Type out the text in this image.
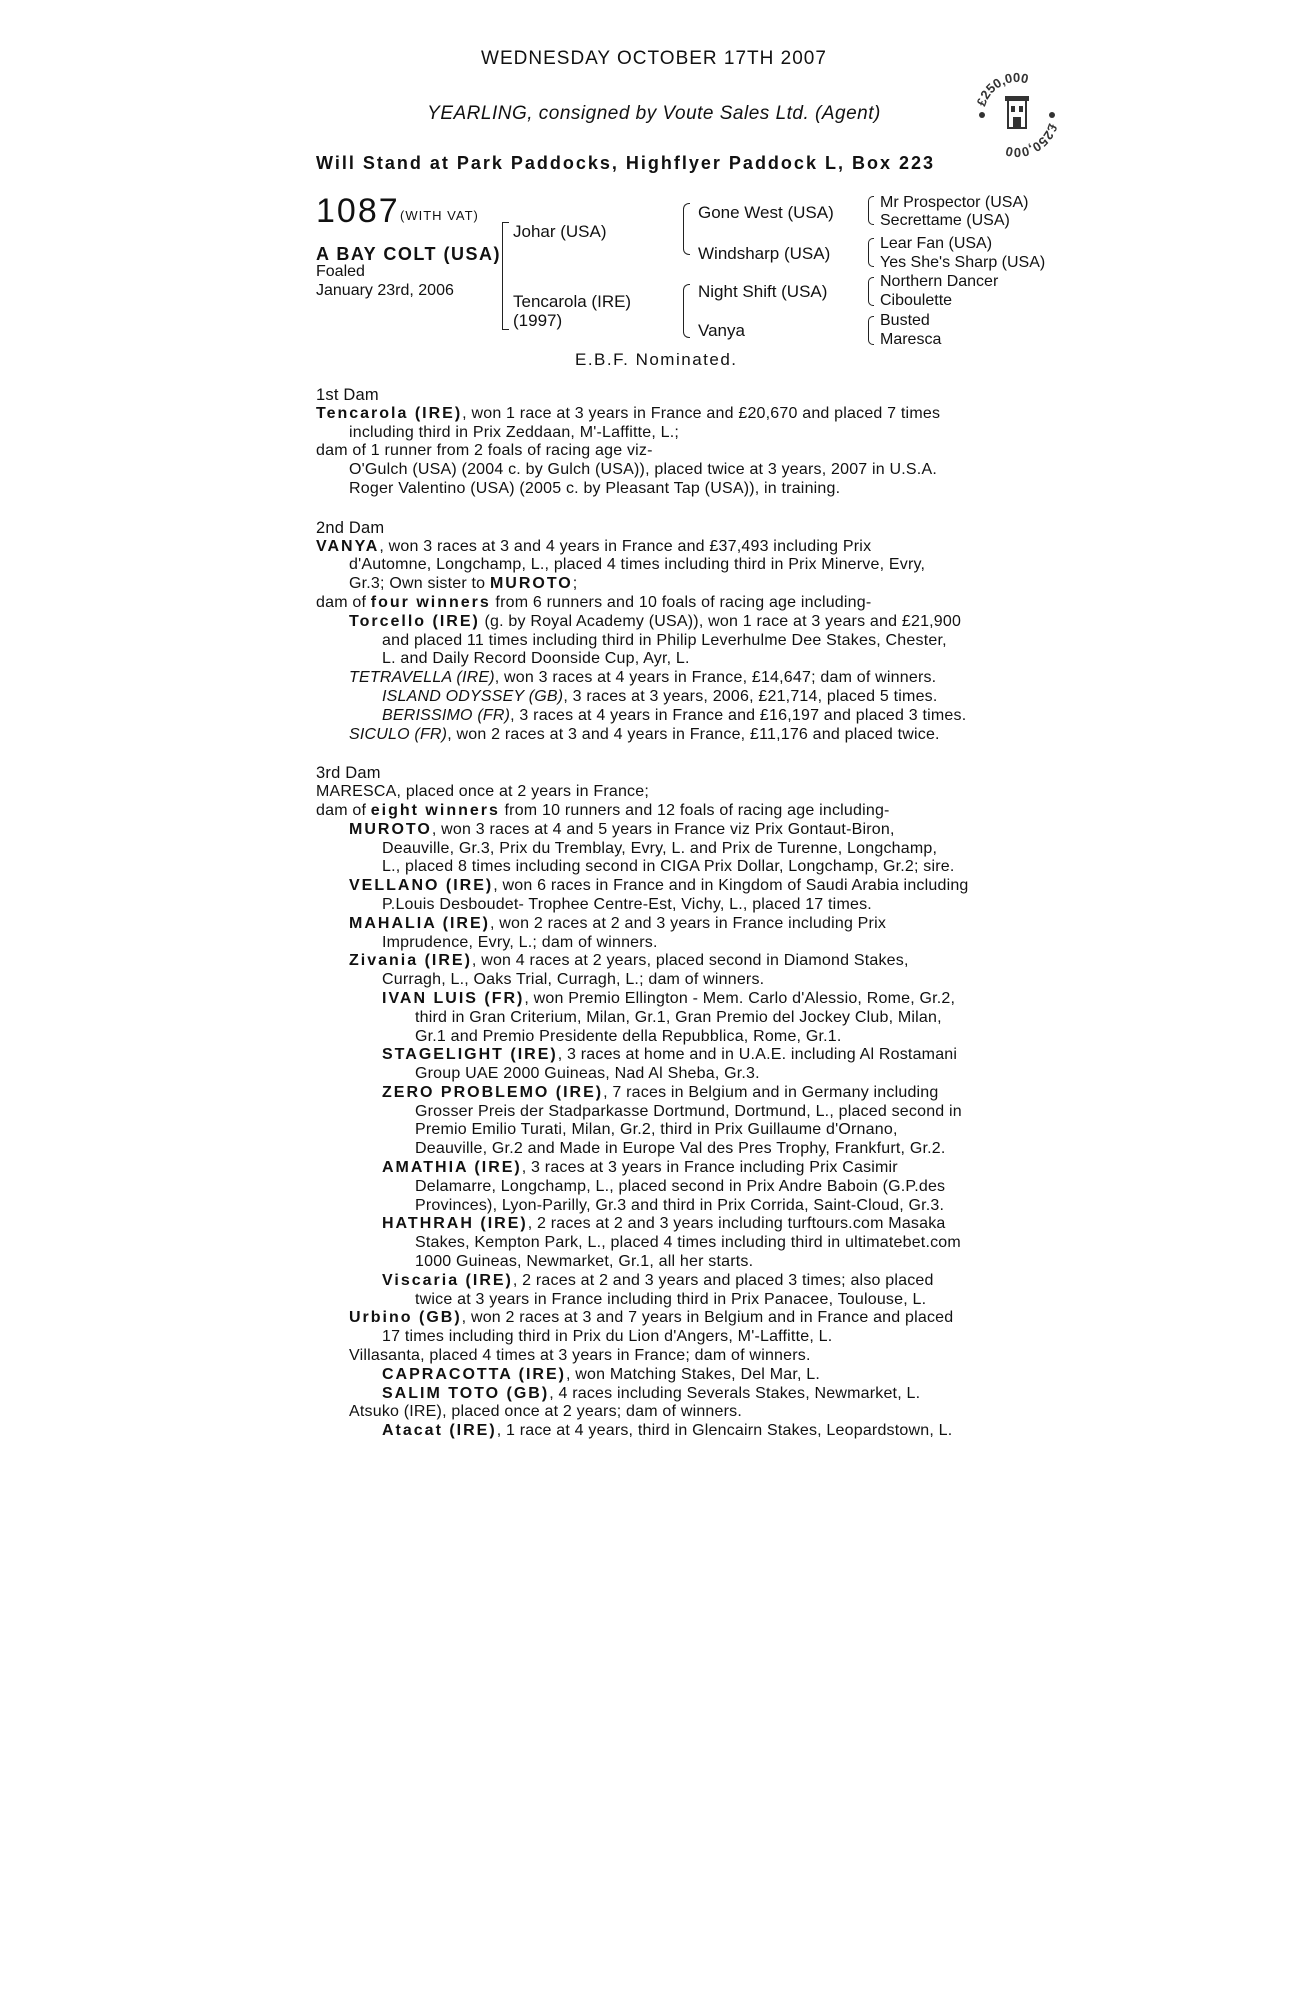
WEDNESDAY OCTOBER 17TH 2007
YEARLING, consigned by Voute Sales Ltd. (Agent)
Will Stand at Park Paddocks, Highflyer Paddock L, Box 223
£250,000
£250,000
1087 (WITH VAT)
A BAY COLT (USA)
Foaled
January 23rd, 2006
Johar (USA)
Tencarola (IRE)
(1997)
Gone West (USA)
Windsharp (USA)
Night Shift (USA)
Vanya
Mr Prospector (USA)
Secrettame (USA)
Lear Fan (USA)
Yes She's Sharp (USA)
Northern Dancer
Ciboulette
Busted
Maresca
E.B.F. Nominated.
1st Dam
Tencarola (IRE), won 1 race at 3 years in France and £20,670 and placed 7 times
including third in Prix Zeddaan, M'-Laffitte, L.;
dam of 1 runner from 2 foals of racing age viz-
O'Gulch (USA) (2004 c. by Gulch (USA)), placed twice at 3 years, 2007 in U.S.A.
Roger Valentino (USA) (2005 c. by Pleasant Tap (USA)), in training.
2nd Dam
VANYA, won 3 races at 3 and 4 years in France and £37,493 including Prix
d'Automne, Longchamp, L., placed 4 times including third in Prix Minerve, Evry,
Gr.3; Own sister to MUROTO;
dam of four winners from 6 runners and 10 foals of racing age including-
Torcello (IRE) (g. by Royal Academy (USA)), won 1 race at 3 years and £21,900
and placed 11 times including third in Philip Leverhulme Dee Stakes, Chester,
L. and Daily Record Doonside Cup, Ayr, L.
TETRAVELLA (IRE), won 3 races at 4 years in France, £14,647; dam of winners.
ISLAND ODYSSEY (GB), 3 races at 3 years, 2006, £21,714, placed 5 times.
BERISSIMO (FR), 3 races at 4 years in France and £16,197 and placed 3 times.
SICULO (FR), won 2 races at 3 and 4 years in France, £11,176 and placed twice.
3rd Dam
MARESCA, placed once at 2 years in France;
dam of eight winners from 10 runners and 12 foals of racing age including-
MUROTO, won 3 races at 4 and 5 years in France viz Prix Gontaut-Biron,
Deauville, Gr.3, Prix du Tremblay, Evry, L. and Prix de Turenne, Longchamp,
L., placed 8 times including second in CIGA Prix Dollar, Longchamp, Gr.2; sire.
VELLANO (IRE), won 6 races in France and in Kingdom of Saudi Arabia including
P.Louis Desboudet- Trophee Centre-Est, Vichy, L., placed 17 times.
MAHALIA (IRE), won 2 races at 2 and 3 years in France including Prix
Imprudence, Evry, L.; dam of winners.
Zivania (IRE), won 4 races at 2 years, placed second in Diamond Stakes,
Curragh, L., Oaks Trial, Curragh, L.; dam of winners.
IVAN LUIS (FR), won Premio Ellington - Mem. Carlo d'Alessio, Rome, Gr.2,
third in Gran Criterium, Milan, Gr.1, Gran Premio del Jockey Club, Milan,
Gr.1 and Premio Presidente della Repubblica, Rome, Gr.1.
STAGELIGHT (IRE), 3 races at home and in U.A.E. including Al Rostamani
Group UAE 2000 Guineas, Nad Al Sheba, Gr.3.
ZERO PROBLEMO (IRE), 7 races in Belgium and in Germany including
Grosser Preis der Stadparkasse Dortmund, Dortmund, L., placed second in
Premio Emilio Turati, Milan, Gr.2, third in Prix Guillaume d'Ornano,
Deauville, Gr.2 and Made in Europe Val des Pres Trophy, Frankfurt, Gr.2.
AMATHIA (IRE), 3 races at 3 years in France including Prix Casimir
Delamarre, Longchamp, L., placed second in Prix Andre Baboin (G.P.des
Provinces), Lyon-Parilly, Gr.3 and third in Prix Corrida, Saint-Cloud, Gr.3.
HATHRAH (IRE), 2 races at 2 and 3 years including turftours.com Masaka
Stakes, Kempton Park, L., placed 4 times including third in ultimatebet.com
1000 Guineas, Newmarket, Gr.1, all her starts.
Viscaria (IRE), 2 races at 2 and 3 years and placed 3 times; also placed
twice at 3 years in France including third in Prix Panacee, Toulouse, L.
Urbino (GB), won 2 races at 3 and 7 years in Belgium and in France and placed
17 times including third in Prix du Lion d'Angers, M'-Laffitte, L.
Villasanta, placed 4 times at 3 years in France; dam of winners.
CAPRACOTTA (IRE), won Matching Stakes, Del Mar, L.
SALIM TOTO (GB), 4 races including Severals Stakes, Newmarket, L.
Atsuko (IRE), placed once at 2 years; dam of winners.
Atacat (IRE), 1 race at 4 years, third in Glencairn Stakes, Leopardstown, L.
